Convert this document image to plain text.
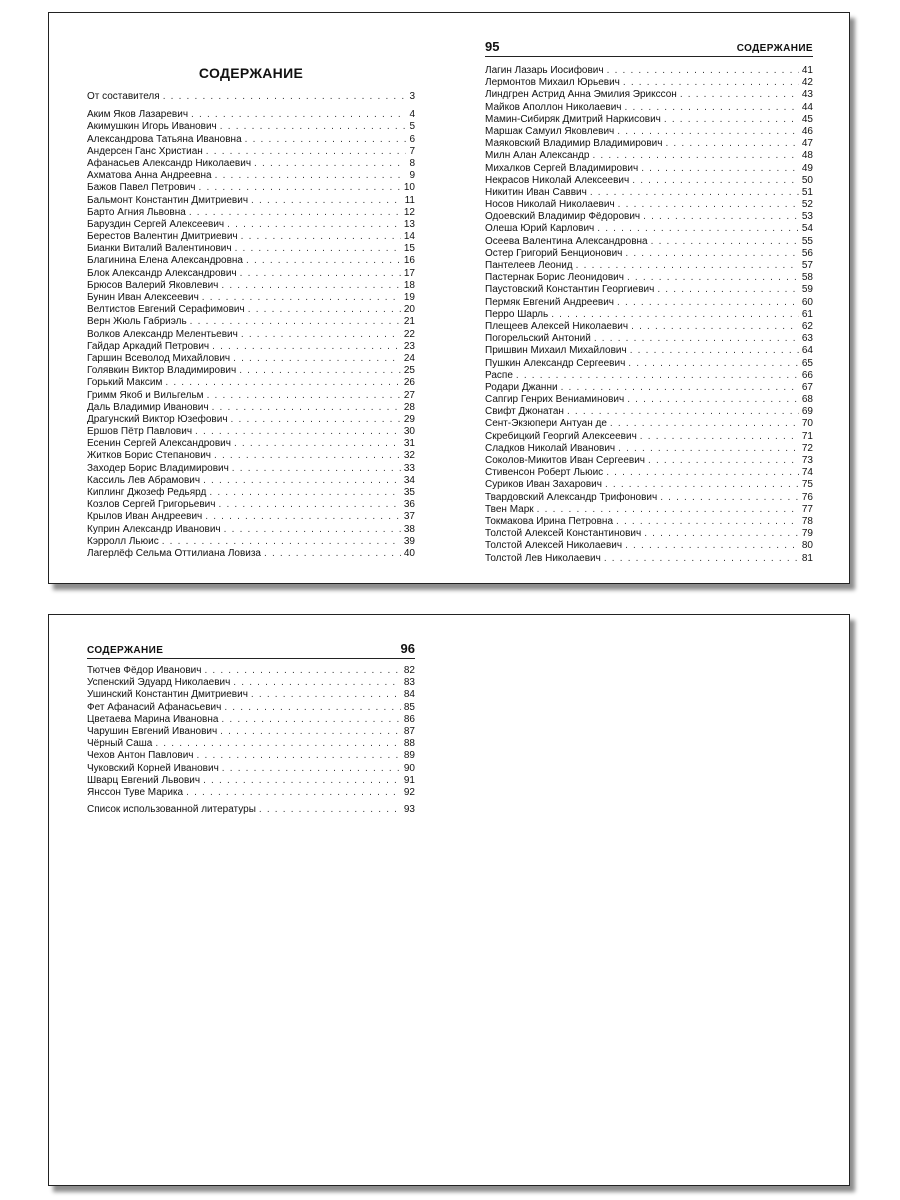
СОДЕРЖАНИЕ
От составителя . . .	3
Аким Яков Лазаревич . . .	4
Акимушкин Игорь Иванович . . .	5
Александрова Татьяна Ивановна . . .	6
Андерсен Ганс Христиан . . .	7
Афанасьев Александр Николаевич . . .	8
Ахматова Анна Андреевна . . .	9
Бажов Павел Петрович . . .	10
Бальмонт Константин Дмитриевич . . .	11
Барто Агния Львовна . . .	12
Баруздин Сергей Алексеевич . . .	13
Берестов Валентин Дмитриевич . . .	14
Бианки Виталий Валентинович . . .	15
Благинина Елена Александровна . . .	16
Блок Александр Александрович . . .	17
Брюсов Валерий Яковлевич . . .	18
Бунин Иван Алексеевич . . .	19
Велтистов Евгений Серафимович . . .	20
Верн Жюль Габриэль . . .	21
Волков Александр Мелентьевич . . .	22
Гайдар Аркадий Петрович . . .	23
Гаршин Всеволод Михайлович . . .	24
Голявкин Виктор Владимирович . . .	25
Горький Максим . . .	26
Гримм Якоб и Вильгельм . . .	27
Даль Владимир Иванович . . .	28
Драгунский Виктор Юзефович . . .	29
Ершов Пётр Павлович . . .	30
Есенин Сергей Александрович . . .	31
Житков Борис Степанович . . .	32
Заходер Борис Владимирович . . .	33
Кассиль Лев Абрамович . . .	34
Киплинг Джозеф Редьярд . . .	35
Козлов Сергей Григорьевич . . .	36
Крылов Иван Андреевич . . .	37
Куприн Александр Иванович . . .	38
Кэрролл Льюис . . .	39
Лагерлёф Сельма Оттилиана Ловиза . . .	40
95	СОДЕРЖАНИЕ
Лагин Лазарь Иосифович . . .	41
Лермонтов Михаил Юрьевич . . .	42
Линдгрен Астрид Анна Эмилия Эрикссон . . .	43
Майков Аполлон Николаевич . . .	44
Мамин-Сибиряк Дмитрий Наркисович . . .	45
Маршак Самуил Яковлевич . . .	46
Маяковский Владимир Владимирович . . .	47
Милн Алан Александр . . .	48
Михалков Сергей Владимирович . . .	49
Некрасов Николай Алексеевич . . .	50
Никитин Иван Саввич . . .	51
Носов Николай Николаевич . . .	52
Одоевский Владимир Фёдорович . . .	53
Олеша Юрий Карлович . . .	54
Осеева Валентина Александровна . . .	55
Остер Григорий Бенционович . . .	56
Пантелеев Леонид . . .	57
Пастернак Борис Леонидович . . .	58
Паустовский Константин Георгиевич . . .	59
Пермяк Евгений Андреевич . . .	60
Перро Шарль . . .	61
Плещеев Алексей Николаевич . . .	62
Погорельский Антоний . . .	63
Пришвин Михаил Михайлович . . .	64
Пушкин Александр Сергеевич . . .	65
Распе . . .	66
Родари Джанни . . .	67
Сапгир Генрих Вениаминович . . .	68
Свифт Джонатан . . .	69
Сент-Экзюпери Антуан де . . .	70
Скребицкий Георгий Алексеевич . . .	71
Сладков Николай Иванович . . .	72
Соколов-Микитов Иван Сергеевич . . .	73
Стивенсон Роберт Льюис . . .	74
Суриков Иван Захарович . . .	75
Твардовский Александр Трифонович . . .	76
Твен Марк . . .	77
Токмакова Ирина Петровна . . .	78
Толстой Алексей Константинович . . .	79
Толстой Алексей Николаевич . . .	80
Толстой Лев Николаевич . . .	81
СОДЕРЖАНИЕ	96
Тютчев Фёдор Иванович . . .	82
Успенский Эдуард Николаевич . . .	83
Ушинский Константин Дмитриевич . . .	84
Фет Афанасий Афанасьевич . . .	85
Цветаева Марина Ивановна . . .	86
Чарушин Евгений Иванович . . .	87
Чёрный Саша . . .	88
Чехов Антон Павлович . . .	89
Чуковский Корней Иванович . . .	90
Шварц Евгений Львович . . .	91
Янссон Туве Марика . . .	92
Список использованной литературы . . .	93
